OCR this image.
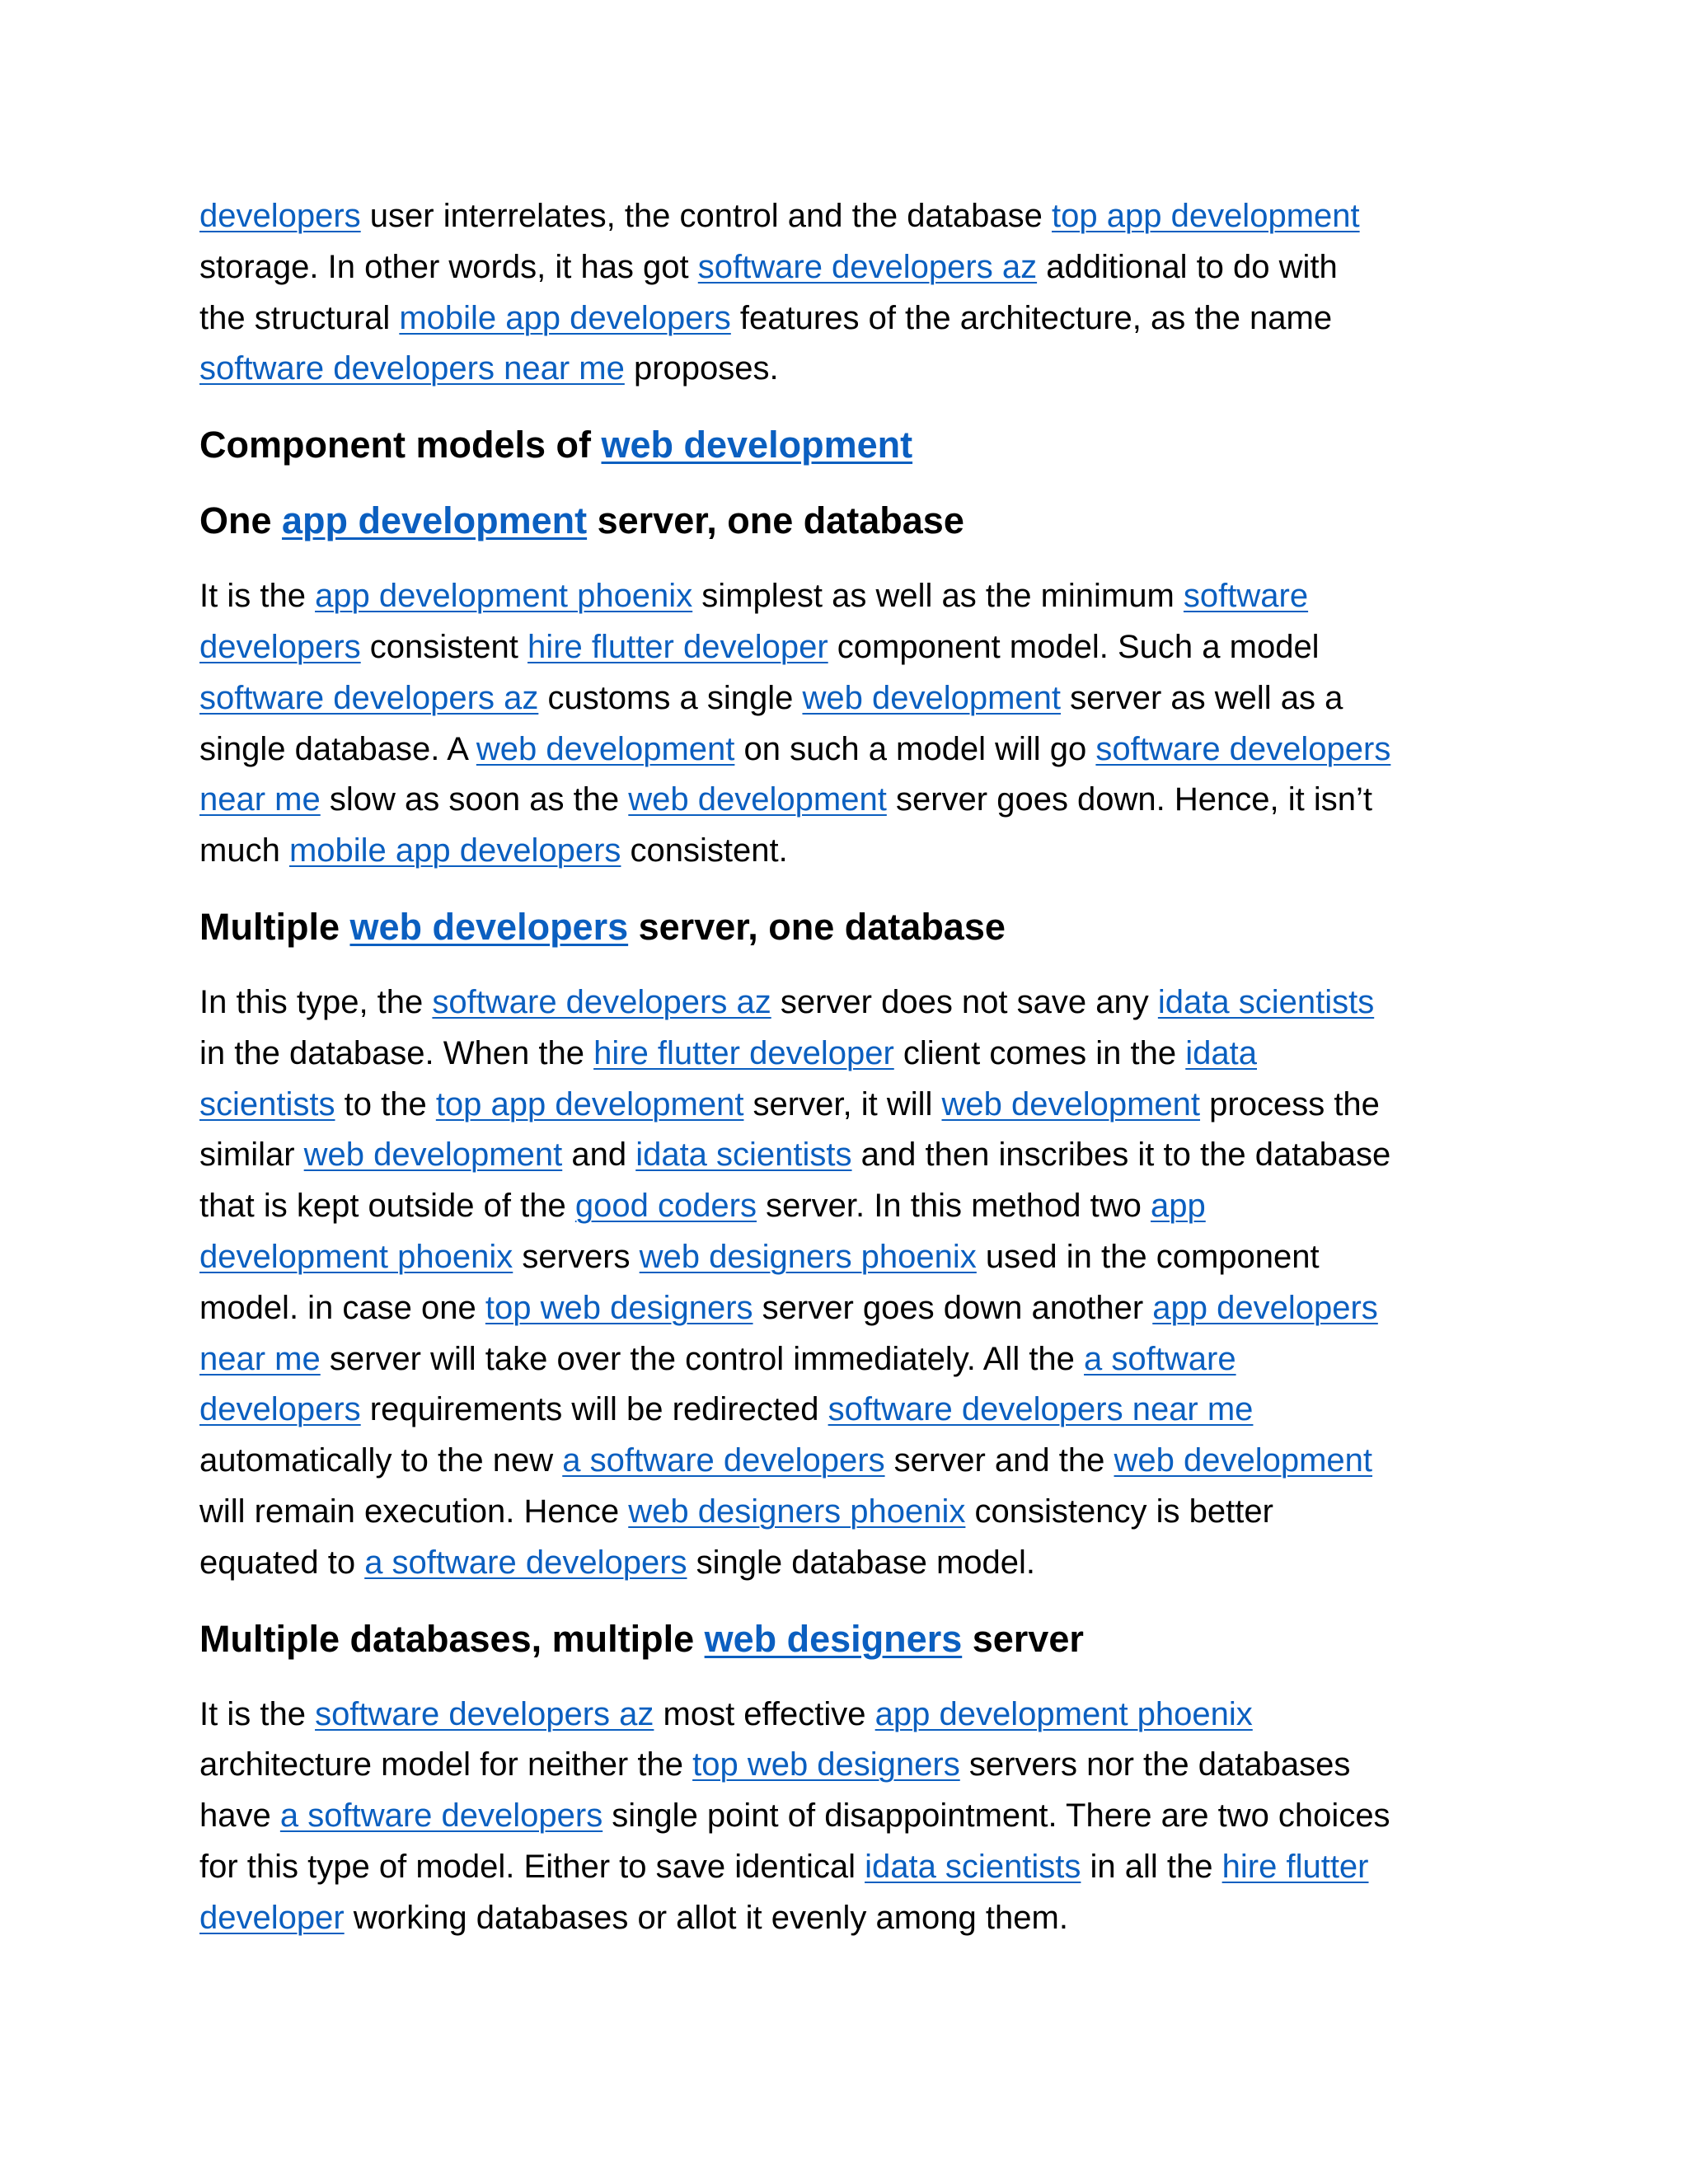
developers user interrelates, the control and the database top app development
storage. In other words, it has got software developers az additional to do with
the structural mobile app developers features of the architecture, as the name
software developers near me proposes.

Component models of web development
One app development server, one database

It is the app development phoenix simplest as well as the minimum software
developers consistent hire flutter developer component model. Such a model
software developers az customs a single web development server as well as a
single database. A web development on such a model will go software developers
near me slow as soon as the web development server goes down. Hence, it isn’t
much mobile app developers consistent.

Multiple web developers server, one database

In this type, the software developers az server does not save any idata scientists
in the database. When the hire flutter developer client comes in the idata
scientists to the top app development server, it will web development process the
similar web development and idata scientists and then inscribes it to the database
that is kept outside of the good coders server. In this method two app
development phoenix servers web designers phoenix used in the component
model. in case one top web designers server goes down another app developers
near me server will take over the control immediately. All the a software
developers requirements will be redirected software developers near me
automatically to the new a software developers server and the web development
will remain execution. Hence web designers phoenix consistency is better
equated to a software developers single database model.

Multiple databases, multiple web designers server

It is the software developers az most effective app development phoenix
architecture model for neither the top web designers servers nor the databases
have a software developers single point of disappointment. There are two choices
for this type of model. Either to save identical idata scientists in all the hire flutter
developer working databases or allot it evenly among them.
